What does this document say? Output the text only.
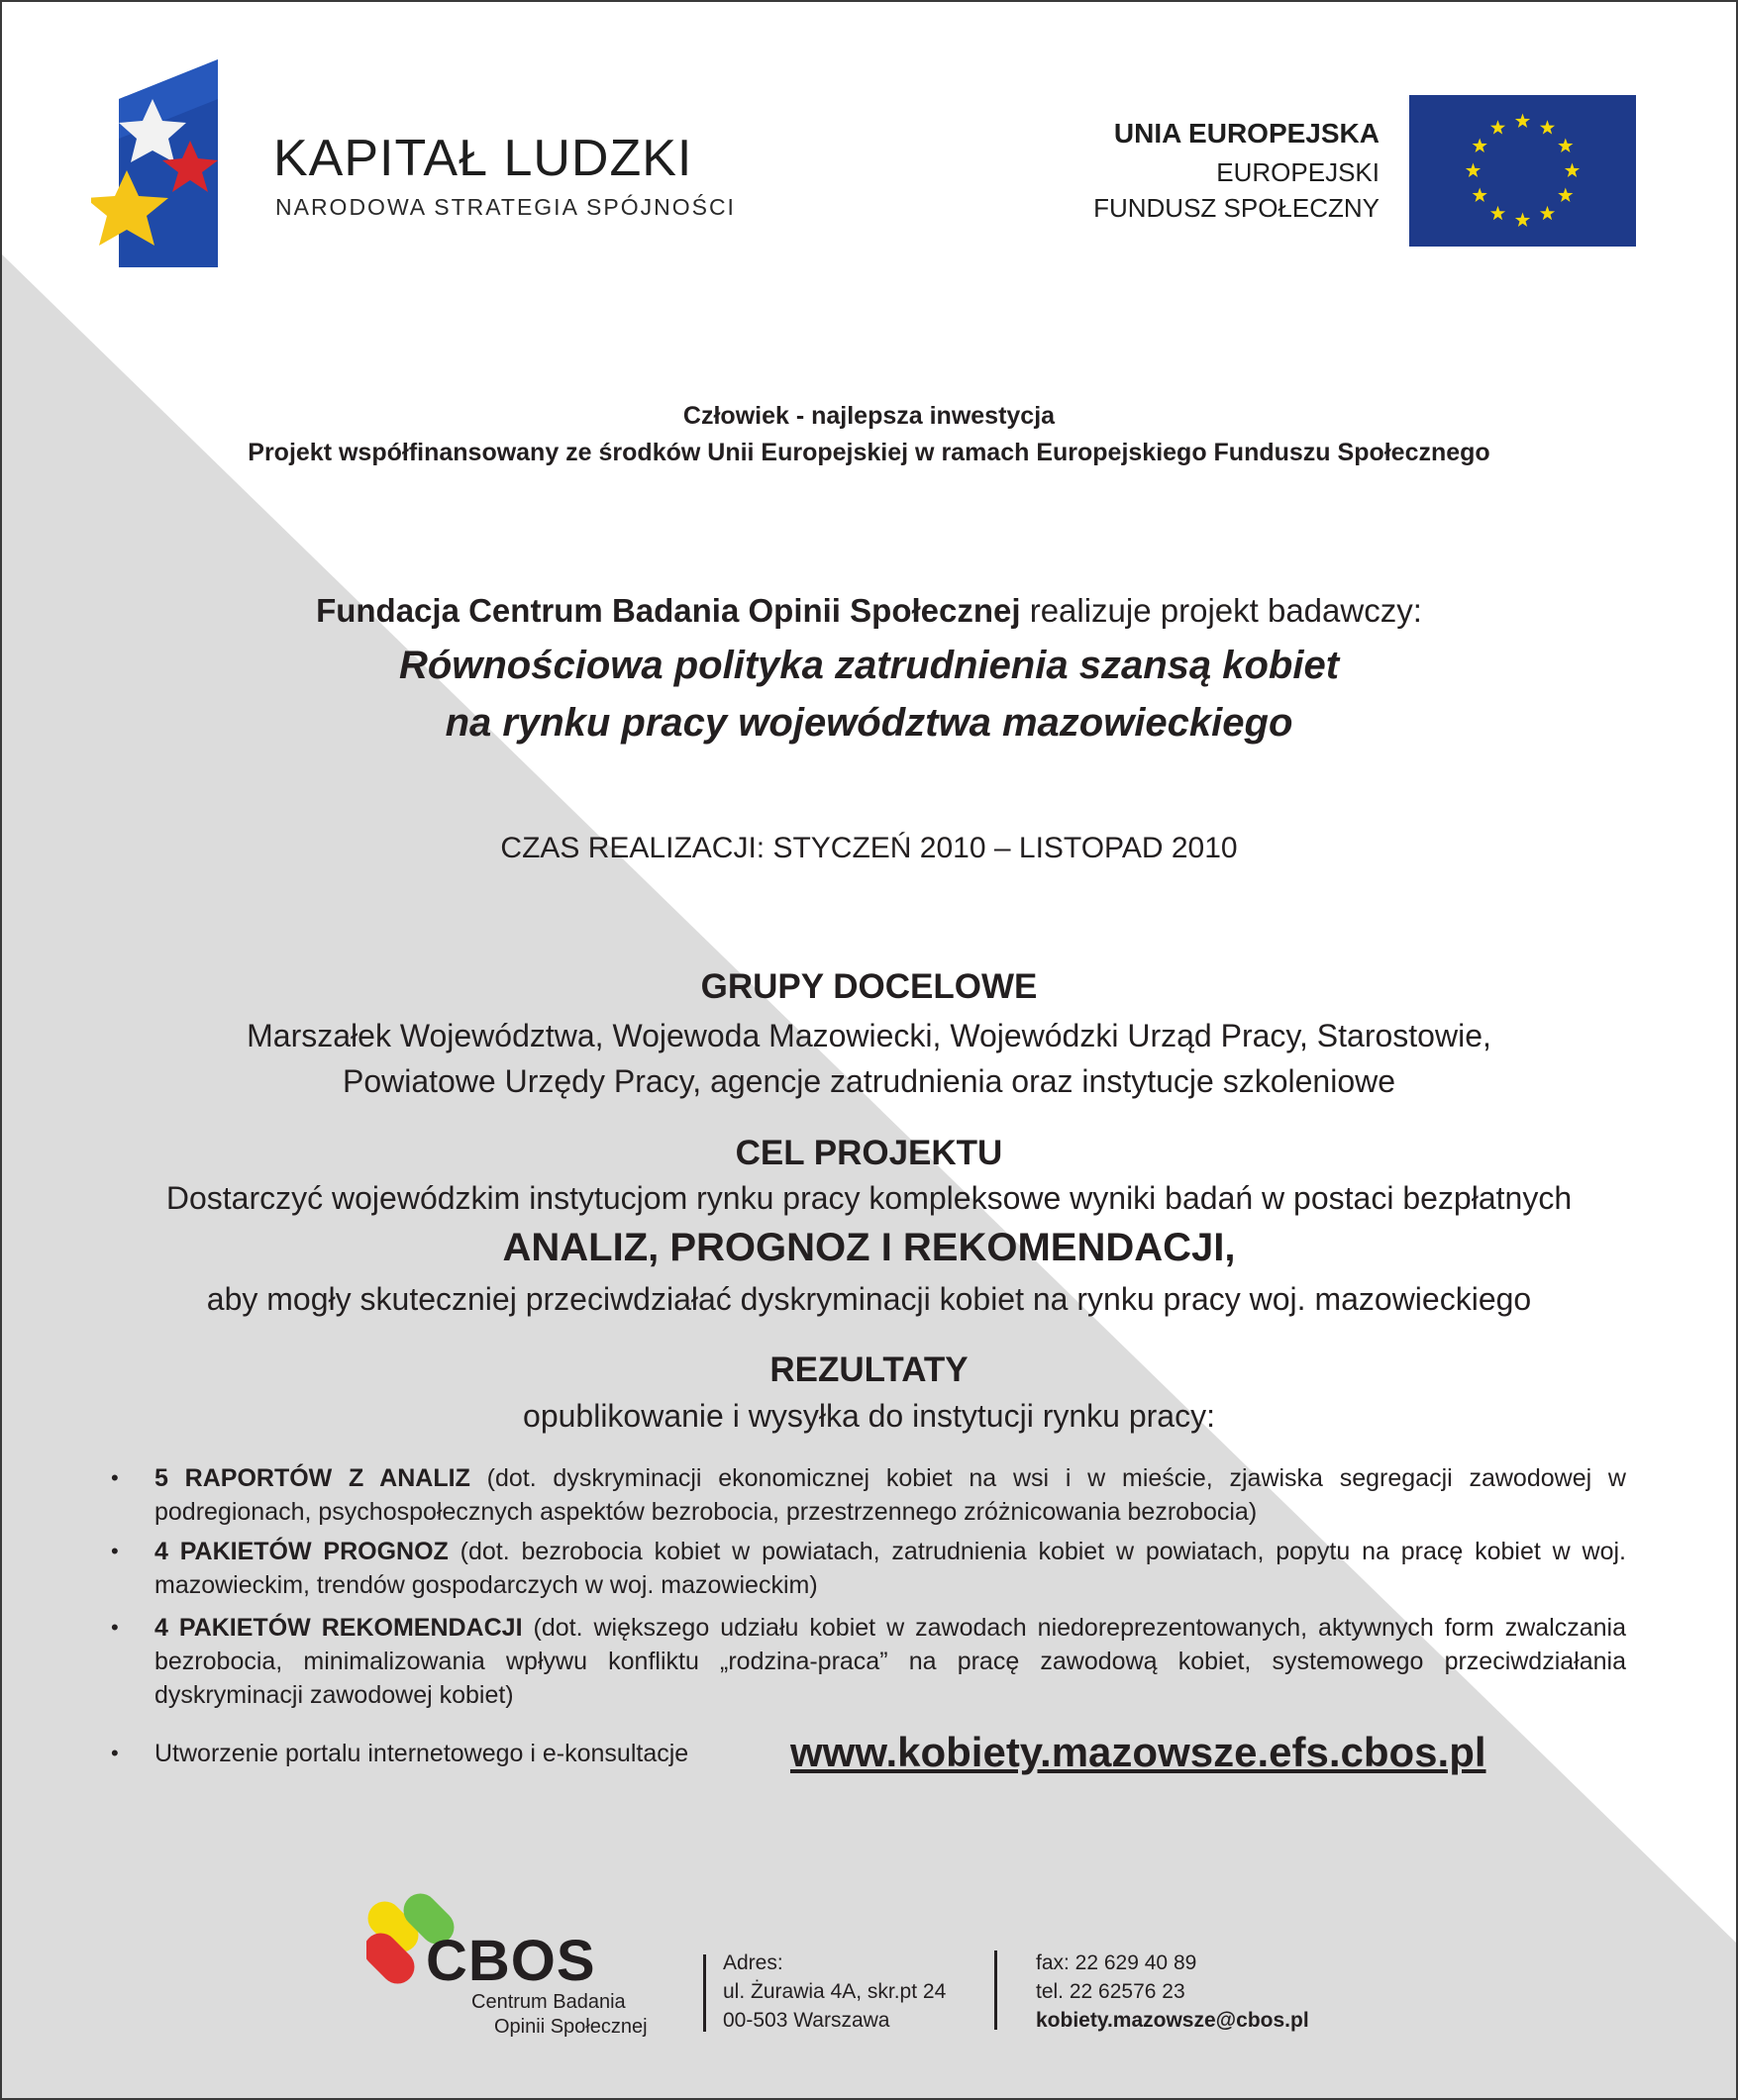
KAPITAŁ LUDZKI
NARODOWA STRATEGIA SPÓJNOŚCI
UNIA EUROPEJSKA
EUROPEJSKI
FUNDUSZ SPOŁECZNY
Człowiek - najlepsza inwestycja
Projekt współfinansowany ze środków Unii Europejskiej w ramach Europejskiego Funduszu Społecznego
Fundacja Centrum Badania Opinii Społecznej realizuje projekt badawczy:
Równościowa polityka zatrudnienia szansą kobiet
na rynku pracy województwa mazowieckiego
CZAS REALIZACJI: STYCZEŃ 2010 – LISTOPAD 2010
GRUPY DOCELOWE
Marszałek Województwa, Wojewoda Mazowiecki, Wojewódzki Urząd Pracy, Starostowie,
Powiatowe Urzędy Pracy, agencje zatrudnienia oraz instytucje szkoleniowe
CEL PROJEKTU
Dostarczyć wojewódzkim instytucjom rynku pracy kompleksowe wyniki badań w postaci bezpłatnych
ANALIZ, PROGNOZ I REKOMENDACJI,
aby mogły skuteczniej przeciwdziałać dyskryminacji kobiet na rynku pracy woj. mazowieckiego
REZULTATY
opublikowanie i wysyłka do instytucji rynku pracy:
• 5 RAPORTÓW Z ANALIZ (dot. dyskryminacji ekonomicznej kobiet na wsi i w mieście, zjawiska segregacji zawodowej w podregionach, psychospołecznych aspektów bezrobocia, przestrzennego zróżnicowania bezrobocia)
• 4 PAKIETÓW PROGNOZ (dot. bezrobocia kobiet w powiatach, zatrudnienia kobiet w powiatach, popytu na pracę kobiet w woj. mazowieckim, trendów gospodarczych w woj. mazowieckim)
• 4 PAKIETÓW REKOMENDACJI (dot. większego udziału kobiet w zawodach niedoreprezentowanych, aktywnych form zwalczania bezrobocia, minimalizowania wpływu konfliktu „rodzina-praca” na pracę zawodową kobiet, systemowego przeciwdziałania dyskryminacji zawodowej kobiet)
• Utworzenie portalu internetowego i e-konsultacje	www.kobiety.mazowsze.efs.cbos.pl
CBOS
Centrum Badania
Opinii Społecznej
Adres:
ul. Żurawia 4A, skr.pt 24
00-503 Warszawa
fax: 22 629 40 89
tel. 22 62576 23
kobiety.mazowsze@cbos.pl
